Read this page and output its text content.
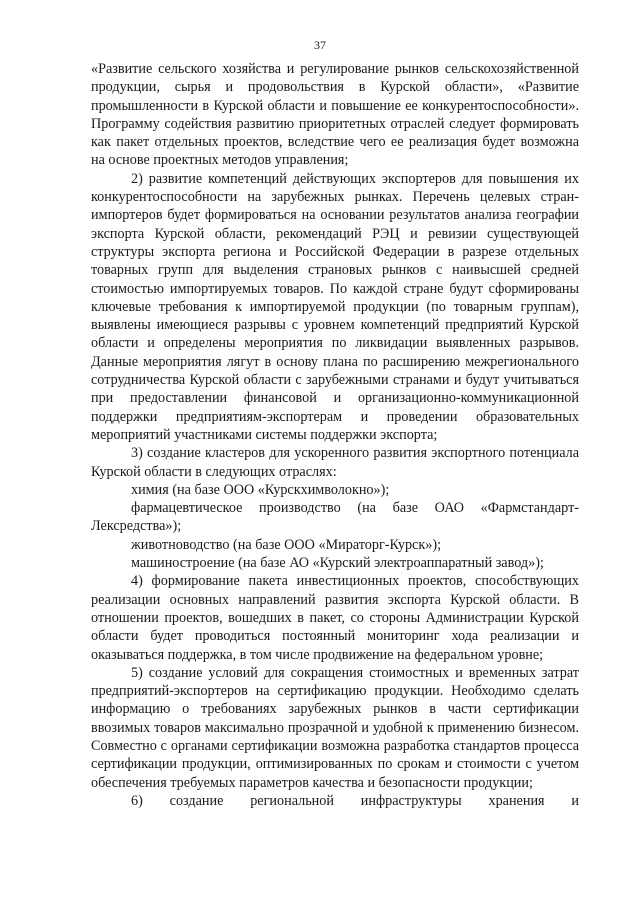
37

«Развитие сельского хозяйства и регулирование рынков сельскохозяйственной продукции, сырья и продовольствия в Курской области», «Развитие промышленности в Курской области и повышение ее конкурентоспособности». Программу содействия развитию приоритетных отраслей следует формировать как пакет отдельных проектов, вследствие чего ее реализация будет возможна на основе проектных методов управления;

2) развитие компетенций действующих экспортеров для повышения их конкурентоспособности на зарубежных рынках. Перечень целевых стран-импортеров будет формироваться на основании результатов анализа географии экспорта Курской области, рекомендаций РЭЦ и ревизии существующей структуры экспорта региона и Российской Федерации в разрезе отдельных товарных групп для выделения страновых рынков с наивысшей средней стоимостью импортируемых товаров. По каждой стране будут сформированы ключевые требования к импортируемой продукции (по товарным группам), выявлены имеющиеся разрывы с уровнем компетенций предприятий Курской области и определены мероприятия по ликвидации выявленных разрывов. Данные мероприятия лягут в основу плана по расширению межрегионального сотрудничества Курской области с зарубежными странами и будут учитываться при предоставлении финансовой и организационно-коммуникационной поддержки предприятиям-экспортерам и проведении образовательных мероприятий участниками системы поддержки экспорта;

3) создание кластеров для ускоренного развития экспортного потенциала Курской области в следующих отраслях:

химия (на базе ООО «Курскхимволокно»);

фармацевтическое производство (на базе ОАО «Фармстандарт-Лексредства»);

животноводство (на базе ООО «Мираторг-Курск»);

машиностроение (на базе АО «Курский электроаппаратный завод»);

4) формирование пакета инвестиционных проектов, способствующих реализации основных направлений развития экспорта Курской области. В отношении проектов, вошедших в пакет, со стороны Администрации Курской области будет проводиться постоянный мониторинг хода реализации и оказываться поддержка, в том числе продвижение на федеральном уровне;

5) создание условий для сокращения стоимостных и временных затрат предприятий-экспортеров на сертификацию продукции. Необходимо сделать информацию о требованиях зарубежных рынков в части сертификации ввозимых товаров максимально прозрачной и удобной к применению бизнесом. Совместно с органами сертификации возможна разработка стандартов процесса сертификации продукции, оптимизированных по срокам и стоимости с учетом обеспечения требуемых параметров качества и безопасности продукции;

6) создание региональной инфраструктуры хранения и
